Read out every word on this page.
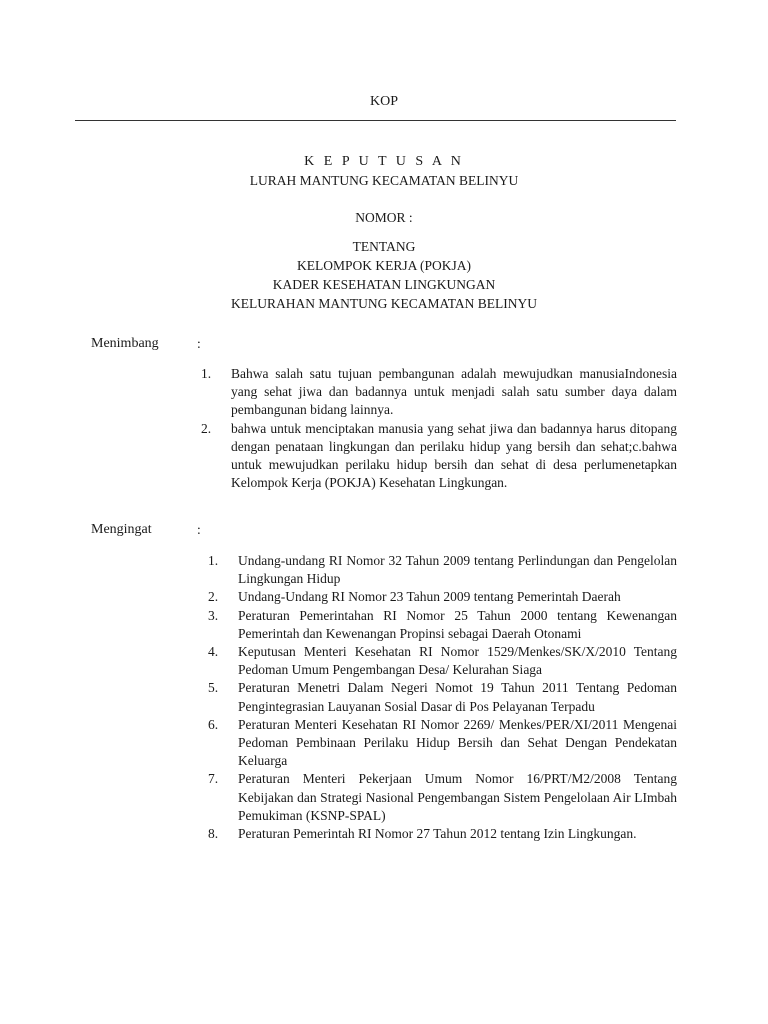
KOP
K E P U T U S A N
LURAH MANTUNG KECAMATAN BELINYU
NOMOR :
TENTANG
KELOMPOK KERJA (POKJA)
KADER KESEHATAN LINGKUNGAN
KELURAHAN MANTUNG KECAMATAN BELINYU
Menimbang	:
1.	Bahwa salah satu tujuan pembangunan adalah mewujudkan manusiaIndonesia yang sehat jiwa dan badannya untuk menjadi salah satu sumber daya dalam pembangunan bidang lainnya.
2.	bahwa untuk menciptakan manusia yang sehat jiwa dan badannya harus ditopang dengan penataan lingkungan dan perilaku hidup yang bersih dan sehat;c.bahwa untuk mewujudkan perilaku hidup bersih dan sehat di desa perlumenetapkan Kelompok Kerja (POKJA) Kesehatan Lingkungan.
Mengingat	:
1.	Undang-undang RI Nomor 32 Tahun 2009 tentang Perlindungan dan Pengelolan Lingkungan Hidup
2.	Undang-Undang RI Nomor 23 Tahun 2009 tentang Pemerintah Daerah
3.	Peraturan Pemerintahan RI Nomor 25 Tahun 2000 tentang Kewenangan Pemerintah dan Kewenangan Propinsi sebagai Daerah Otonami
4.	Keputusan Menteri Kesehatan RI Nomor 1529/Menkes/SK/X/2010 Tentang Pedoman Umum Pengembangan Desa/ Kelurahan Siaga
5.	Peraturan Menetri Dalam Negeri Nomot 19 Tahun 2011 Tentang Pedoman Pengintegrasian Lauyanan Sosial Dasar di Pos Pelayanan Terpadu
6.	Peraturan Menteri Kesehatan RI Nomor 2269/ Menkes/PER/XI/2011 Mengenai Pedoman Pembinaan Perilaku Hidup Bersih dan Sehat Dengan Pendekatan Keluarga
7.	Peraturan Menteri Pekerjaan Umum Nomor 16/PRT/M2/2008 Tentang Kebijakan dan Strategi Nasional Pengembangan Sistem Pengelolaan Air LImbah Pemukiman (KSNP-SPAL)
8.	Peraturan Pemerintah RI Nomor 27 Tahun 2012 tentang Izin Lingkungan.
